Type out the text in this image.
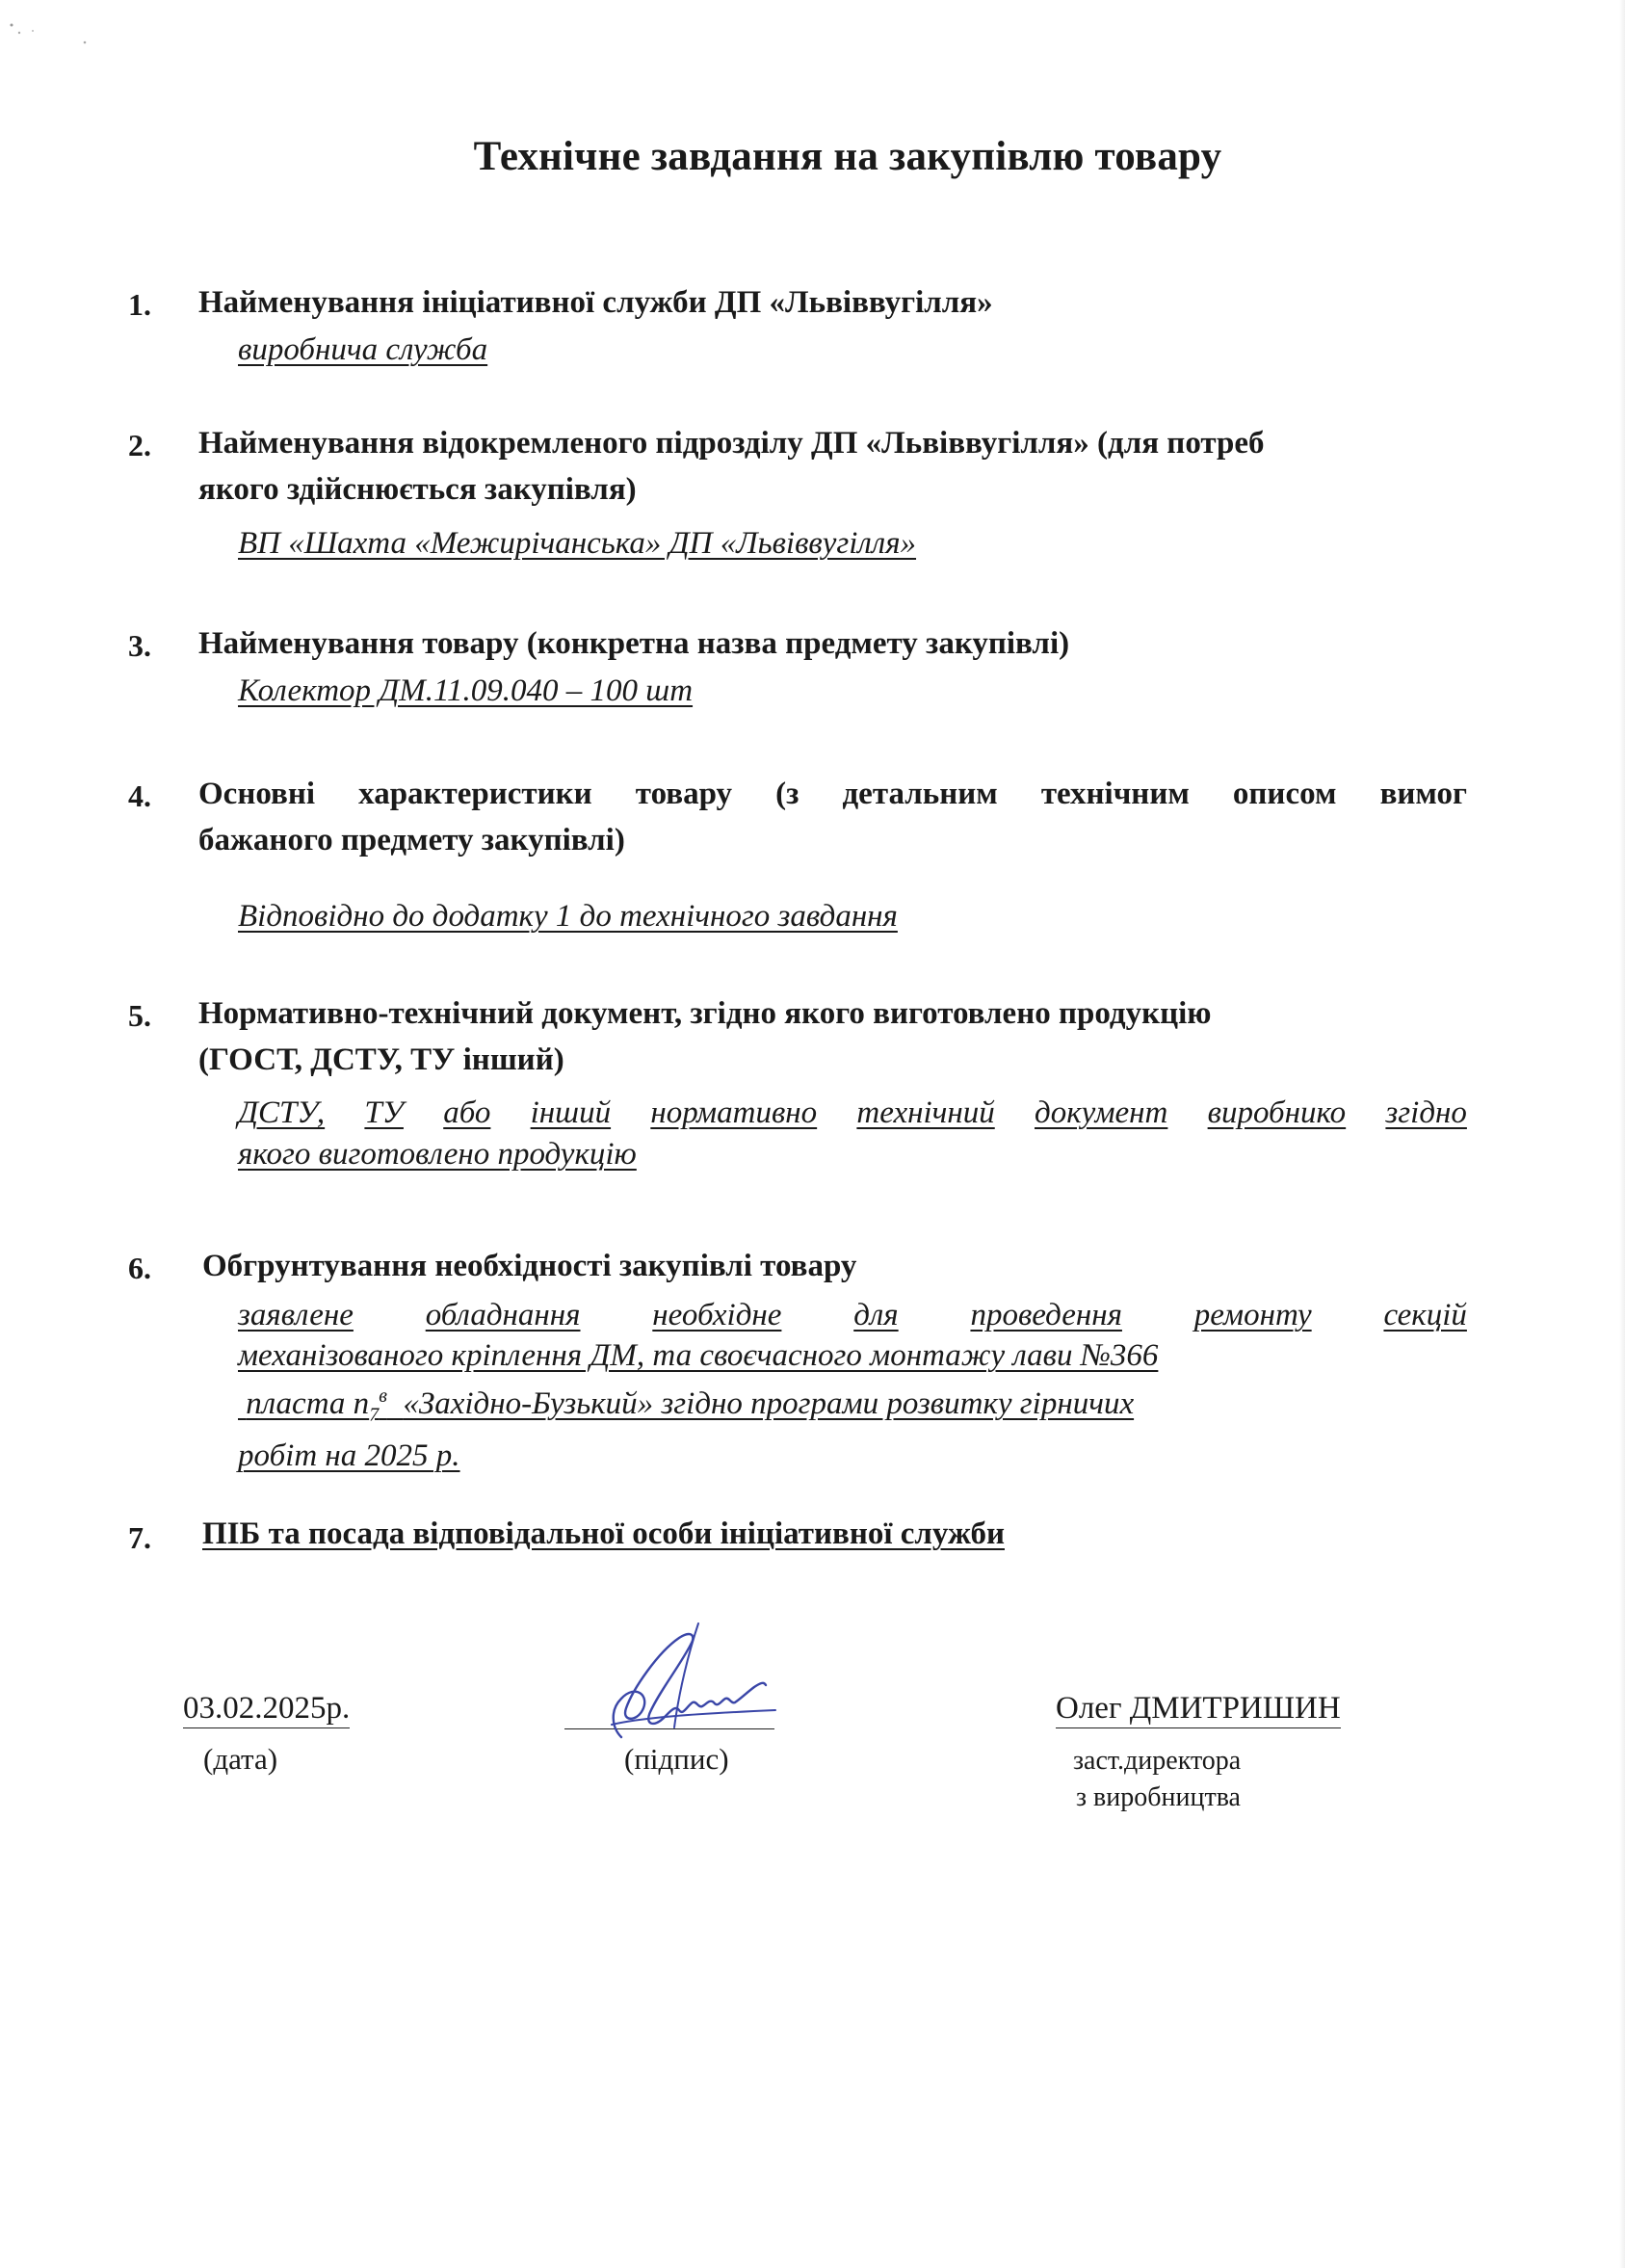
Технічне завдання на закупівлю товару
1. Найменування ініціативної служби ДП «Львіввугілля»
виробнича служба
2. Найменування відокремленого підрозділу ДП «Львіввугілля» (для потреб
якого здійснюється закупівля)
ВП «Шахта «Межирічанська» ДП «Львіввугілля»
3. Найменування товару (конкретна назва предмету закупівлі)
Колектор ДМ.11.09.040 – 100 шт
4. Основні характеристики товару (з детальним технічним описом вимог
бажаного предмету закупівлі)
Відповідно до додатку 1 до технічного завдання
5. Нормативно-технічний документ, згідно якого виготовлено продукцію
(ГОСТ, ДСТУ, ТУ інший)
ДСТУ, ТУ або інший нормативно технічний документ виробнико згідно
якого виготовлено продукцію
6. Обгрунтування необхідності закупівлі товару
заявлене обладнання необхідне для проведення ремонту секцій
механізованого кріплення ДМ, та своєчасного монтажу лави №366
пласта $n_7^в$ «Західно-Бузький» згідно програми розвитку гірничих
робіт на 2025 р.
7. ПІБ та посада відповідальної особи ініціативної служби
03.02.2025р.
(дата)	(підпис)
Олег ДМИТРИШИН
заст.директора
з виробництва
